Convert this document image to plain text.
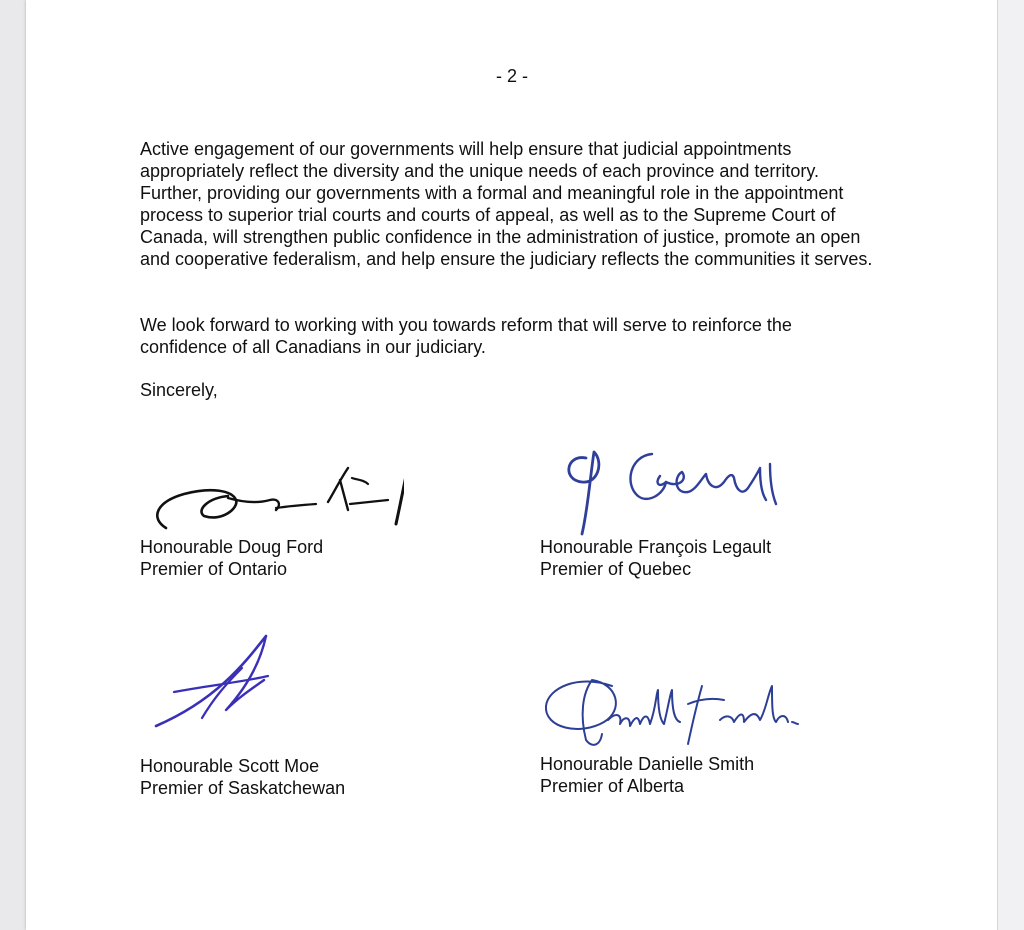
- 2 -

Active engagement of our governments will help ensure that judicial appointments appropriately reflect the diversity and the unique needs of each province and territory. Further, providing our governments with a formal and meaningful role in the appointment process to superior trial courts and courts of appeal, as well as to the Supreme Court of Canada, will strengthen public confidence in the administration of justice, promote an open and cooperative federalism, and help ensure the judiciary reflects the communities it serves.

We look forward to working with you towards reform that will serve to reinforce the confidence of all Canadians in our judiciary.

Sincerely,
Honourable Doug Ford
Premier of Ontario
Honourable François Legault
Premier of Quebec
Honourable Scott Moe
Premier of Saskatchewan
Honourable Danielle Smith
Premier of Alberta
